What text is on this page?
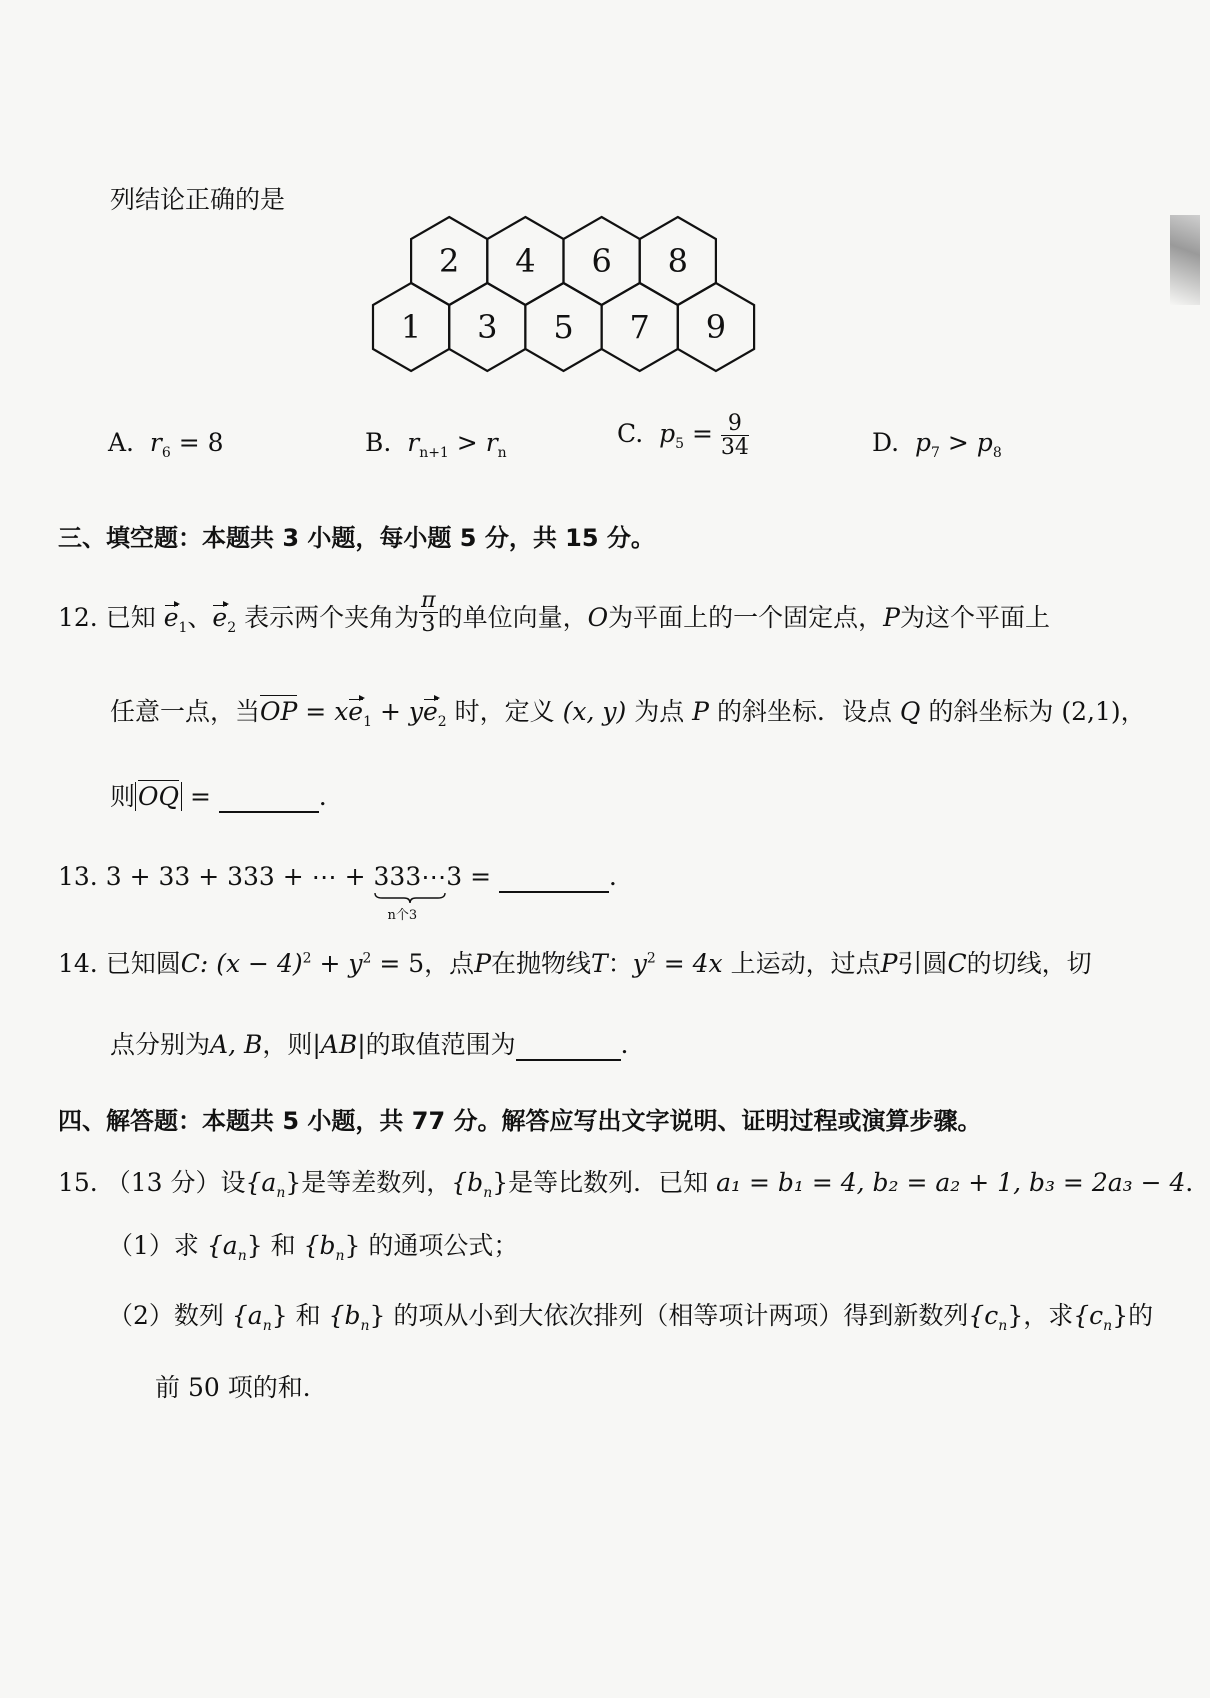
列结论正确的是
1 3 5 7 9
2 4 6 8
A. $r_6 = 8$	B. $r_{n+1} > r_n$
C. $p_5 = \frac{9}{34}$	D. $p_7 > p_8$
三、填空题：本题共 3 小题，每小题 5 分，共 15 分。
12. 已知 $e_1$、$e_2$ 表示两个夹角为 $\frac{\pi}{3}$ 的单位向量，O为平面上的一个固定点，P为这个平面上
任意一点，当OP = $xe_1 + ye_2$ 时，定义 (x, y) 为点 P 的斜坐标．设点 Q 的斜坐标为 (2,1)，
则 OQ =	．
13. 3 + 33 + 333 + ⋯ + 333⋯3
n个3
=	．
14. 已知圆C: $(x - 4)^2 + y^2 = 5$，点P在抛物线T：$y^2 = 4x$ 上运动，过点P引圆C的切线，切
点分别为A, B，则|AB|的取值范围为	．
四、解答题：本题共 5 小题，共 77 分。解答应写出文字说明、证明过程或演算步骤。
15. （13 分）设$\{a_n\}$是等差数列，$\{b_n\}$是等比数列．已知 a₁ = b₁ = 4, b₂ = a₂ + 1, b₃ = 2a₃ − 4．
（1）求 $\{a_n\}$ 和 $\{b_n\}$ 的通项公式；
（2）数列 $\{a_n\}$ 和 $\{b_n\}$ 的项从小到大依次排列（相等项计两项）得到新数列$\{c_n\}$，求$\{c_n\}$的
前 50 项的和．
